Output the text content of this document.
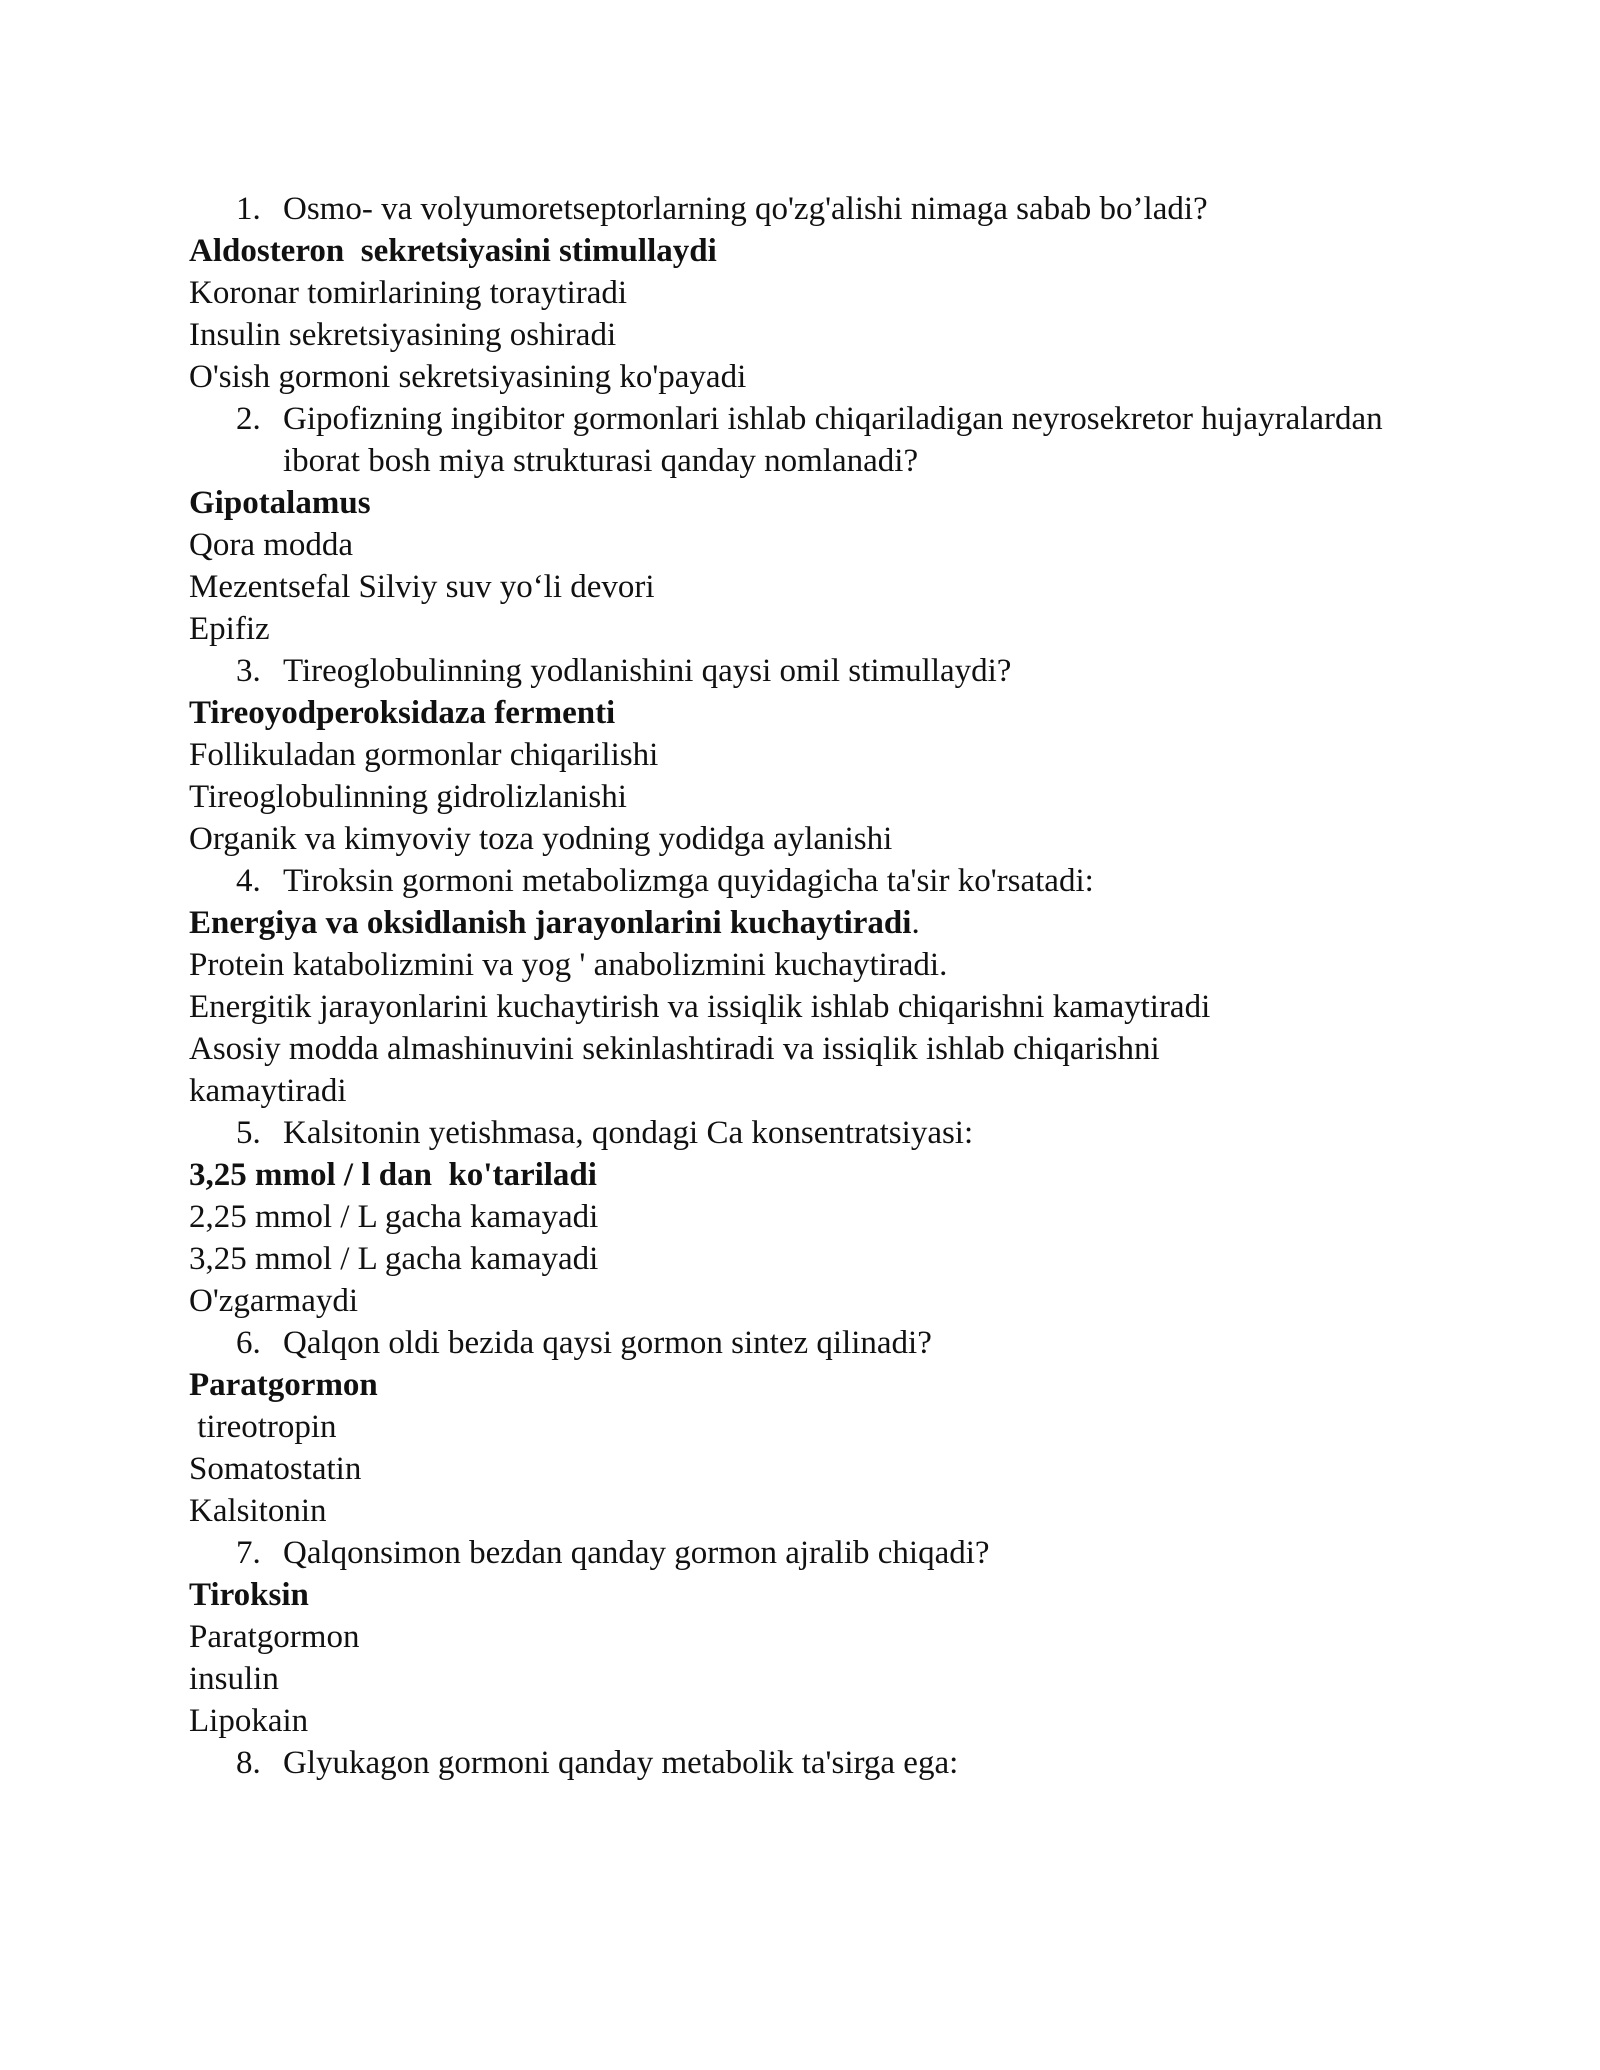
1. Osmo- va volyumoretseptorlarning qo'zg'alishi nimaga sabab bo’ladi?
Aldosteron  sekretsiyasini stimullaydi
Koronar tomirlarining toraytiradi
Insulin sekretsiyasining oshiradi
O'sish gormoni sekretsiyasining ko'payadi
2. Gipofizning ingibitor gormonlari ishlab chiqariladigan neyrosekretor hujayralardan iborat bosh miya strukturasi qanday nomlanadi?
Gipotalamus
Qora modda
Mezentsefal Silviy suv yo‘li devori
Epifiz
3. Tireoglobulinning yodlanishini qaysi omil stimullaydi?
Tireoyodperoksidaza fermenti
Follikuladan gormonlar chiqarilishi
Tireoglobulinning gidrolizlanishi
Organik va kimyoviy toza yodning yodidga aylanishi
4. Tiroksin gormoni metabolizmga quyidagicha ta'sir ko'rsatadi:
Energiya va oksidlanish jarayonlarini kuchaytiradi.
Protein katabolizmini va yog ' anabolizmini kuchaytiradi.
Energitik jarayonlarini kuchaytirish va issiqlik ishlab chiqarishni kamaytiradi
Asosiy modda almashinuvini sekinlashtiradi va issiqlik ishlab chiqarishni kamaytiradi
5. Kalsitonin yetishmasa, qondagi Ca konsentratsiyasi:
3,25 mmol / l dan  ko'tariladi
2,25 mmol / L gacha kamayadi
3,25 mmol / L gacha kamayadi
O'zgarmaydi
6. Qalqon oldi bezida qaysi gormon sintez qilinadi?
Paratgormon
tireotropin
Somatostatin
Kalsitonin
7. Qalqonsimon bezdan qanday gormon ajralib chiqadi?
Tiroksin
Paratgormon
insulin
Lipokain
8. Glyukagon gormoni qanday metabolik ta'sirga ega:
